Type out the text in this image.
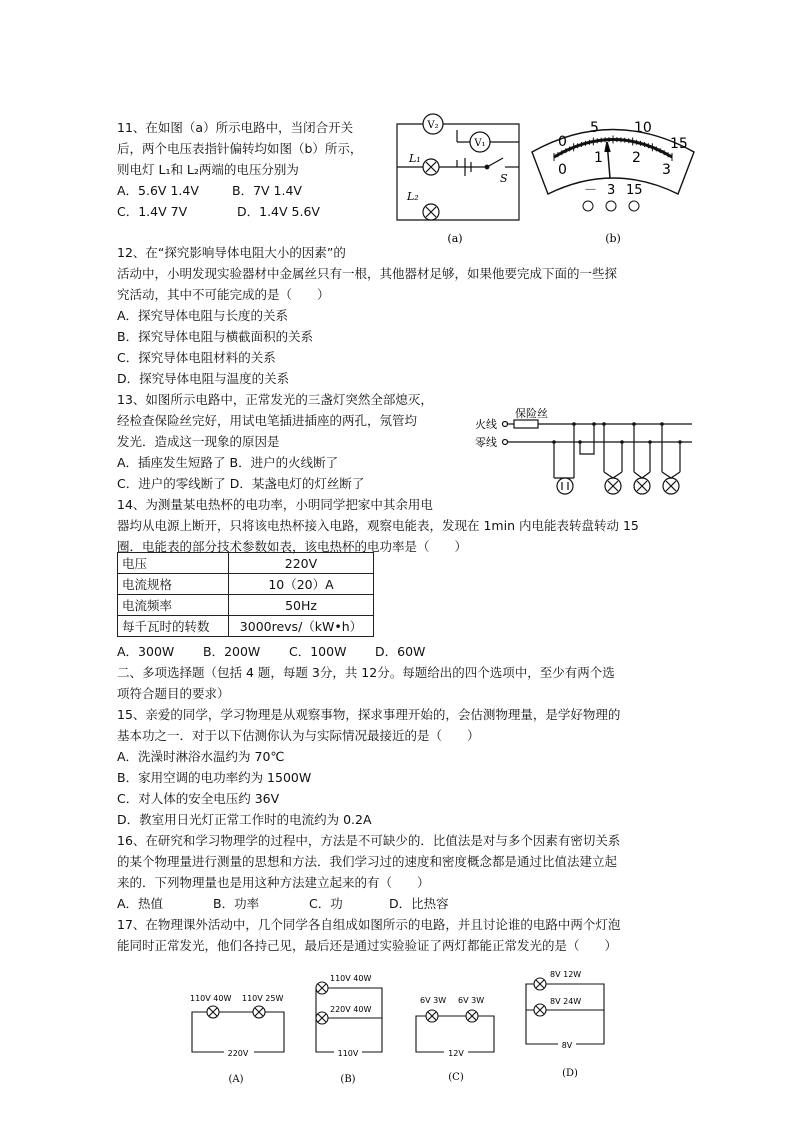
11、在如图（a）所示电路中，当闭合开关
后，两个电压表指针偏转均如图（b）所示，
则电灯 L₁和 L₂两端的电压分别为
A．5.6V 1.4V	B．7V 1.4V
C．1.4V 7V	D．1.4V 5.6V
V₂
V₁
L₁
L₂
S
(a)
0
5	10
15
0
1 2
3
－ 3 15
(b)
12、在“探究影响导体电阻大小的因素”的
活动中，小明发现实验器材中金属丝只有一根，其他器材足够，如果他要完成下面的一些探
究活动，其中不可能完成的是（　　）
A．探究导体电阻与长度的关系
B．探究导体电阻与横截面积的关系
C．探究导体电阻材料的关系
D．探究导体电阻与温度的关系
13、如图所示电路中，正常发光的三盏灯突然全部熄灭，
经检查保险丝完好，用试电笔插进插座的两孔，氖管均
发光．造成这一现象的原因是
A．插座发生短路了 B．进户的火线断了
C．进户的零线断了 D．某盏电灯的灯丝断了
火线
零线
保险丝
14、为测量某电热杯的电功率，小明同学把家中其余用电
器均从电源上断开，只将该电热杯接入电路，观察电能表，发现在 1min 内电能表转盘转动 15
圈．电能表的部分技术参数如表，该电热杯的电功率是（　　）
电压	220V
电流规格	10（20）A
电流频率	50Hz
每千瓦时的转数	3000revs/（kW•h）
A．300W B．200W C．100W D．60W
二、多项选择题（包括 4 题，每题 3分，共 12分。每题给出的四个选项中，至少有两个选
项符合题目的要求）
15、亲爱的同学，学习物理是从观察事物，探求事理开始的，会估测物理量，是学好物理的
基本功之一．对于以下估测你认为与实际情况最接近的是（　　）
A．洗澡时淋浴水温约为 70℃
B．家用空调的电功率约为 1500W
C．对人体的安全电压约 36V
D．教室用日光灯正常工作时的电流约为 0.2A
16、在研究和学习物理学的过程中，方法是不可缺少的．比值法是对与多个因素有密切关系
的某个物理量进行测量的思想和方法．我们学习过的速度和密度概念都是通过比值法建立起
来的．下列物理量也是用这种方法建立起来的有（　　）
A．热值	B．功率	C．功	D．比热容
17、在物理课外活动中，几个同学各自组成如图所示的电路，并且讨论谁的电路中两个灯泡
能同时正常发光，他们各持己见，最后还是通过实验验证了两灯都能正常发光的是（　　）
110V 40W 110V 25W
220V
(A)
110V 40W
220V 40W
110V
(B)
6V 3W 6V 3W
12V
(C)
8V 12W
8V 24W
8V
(D)
